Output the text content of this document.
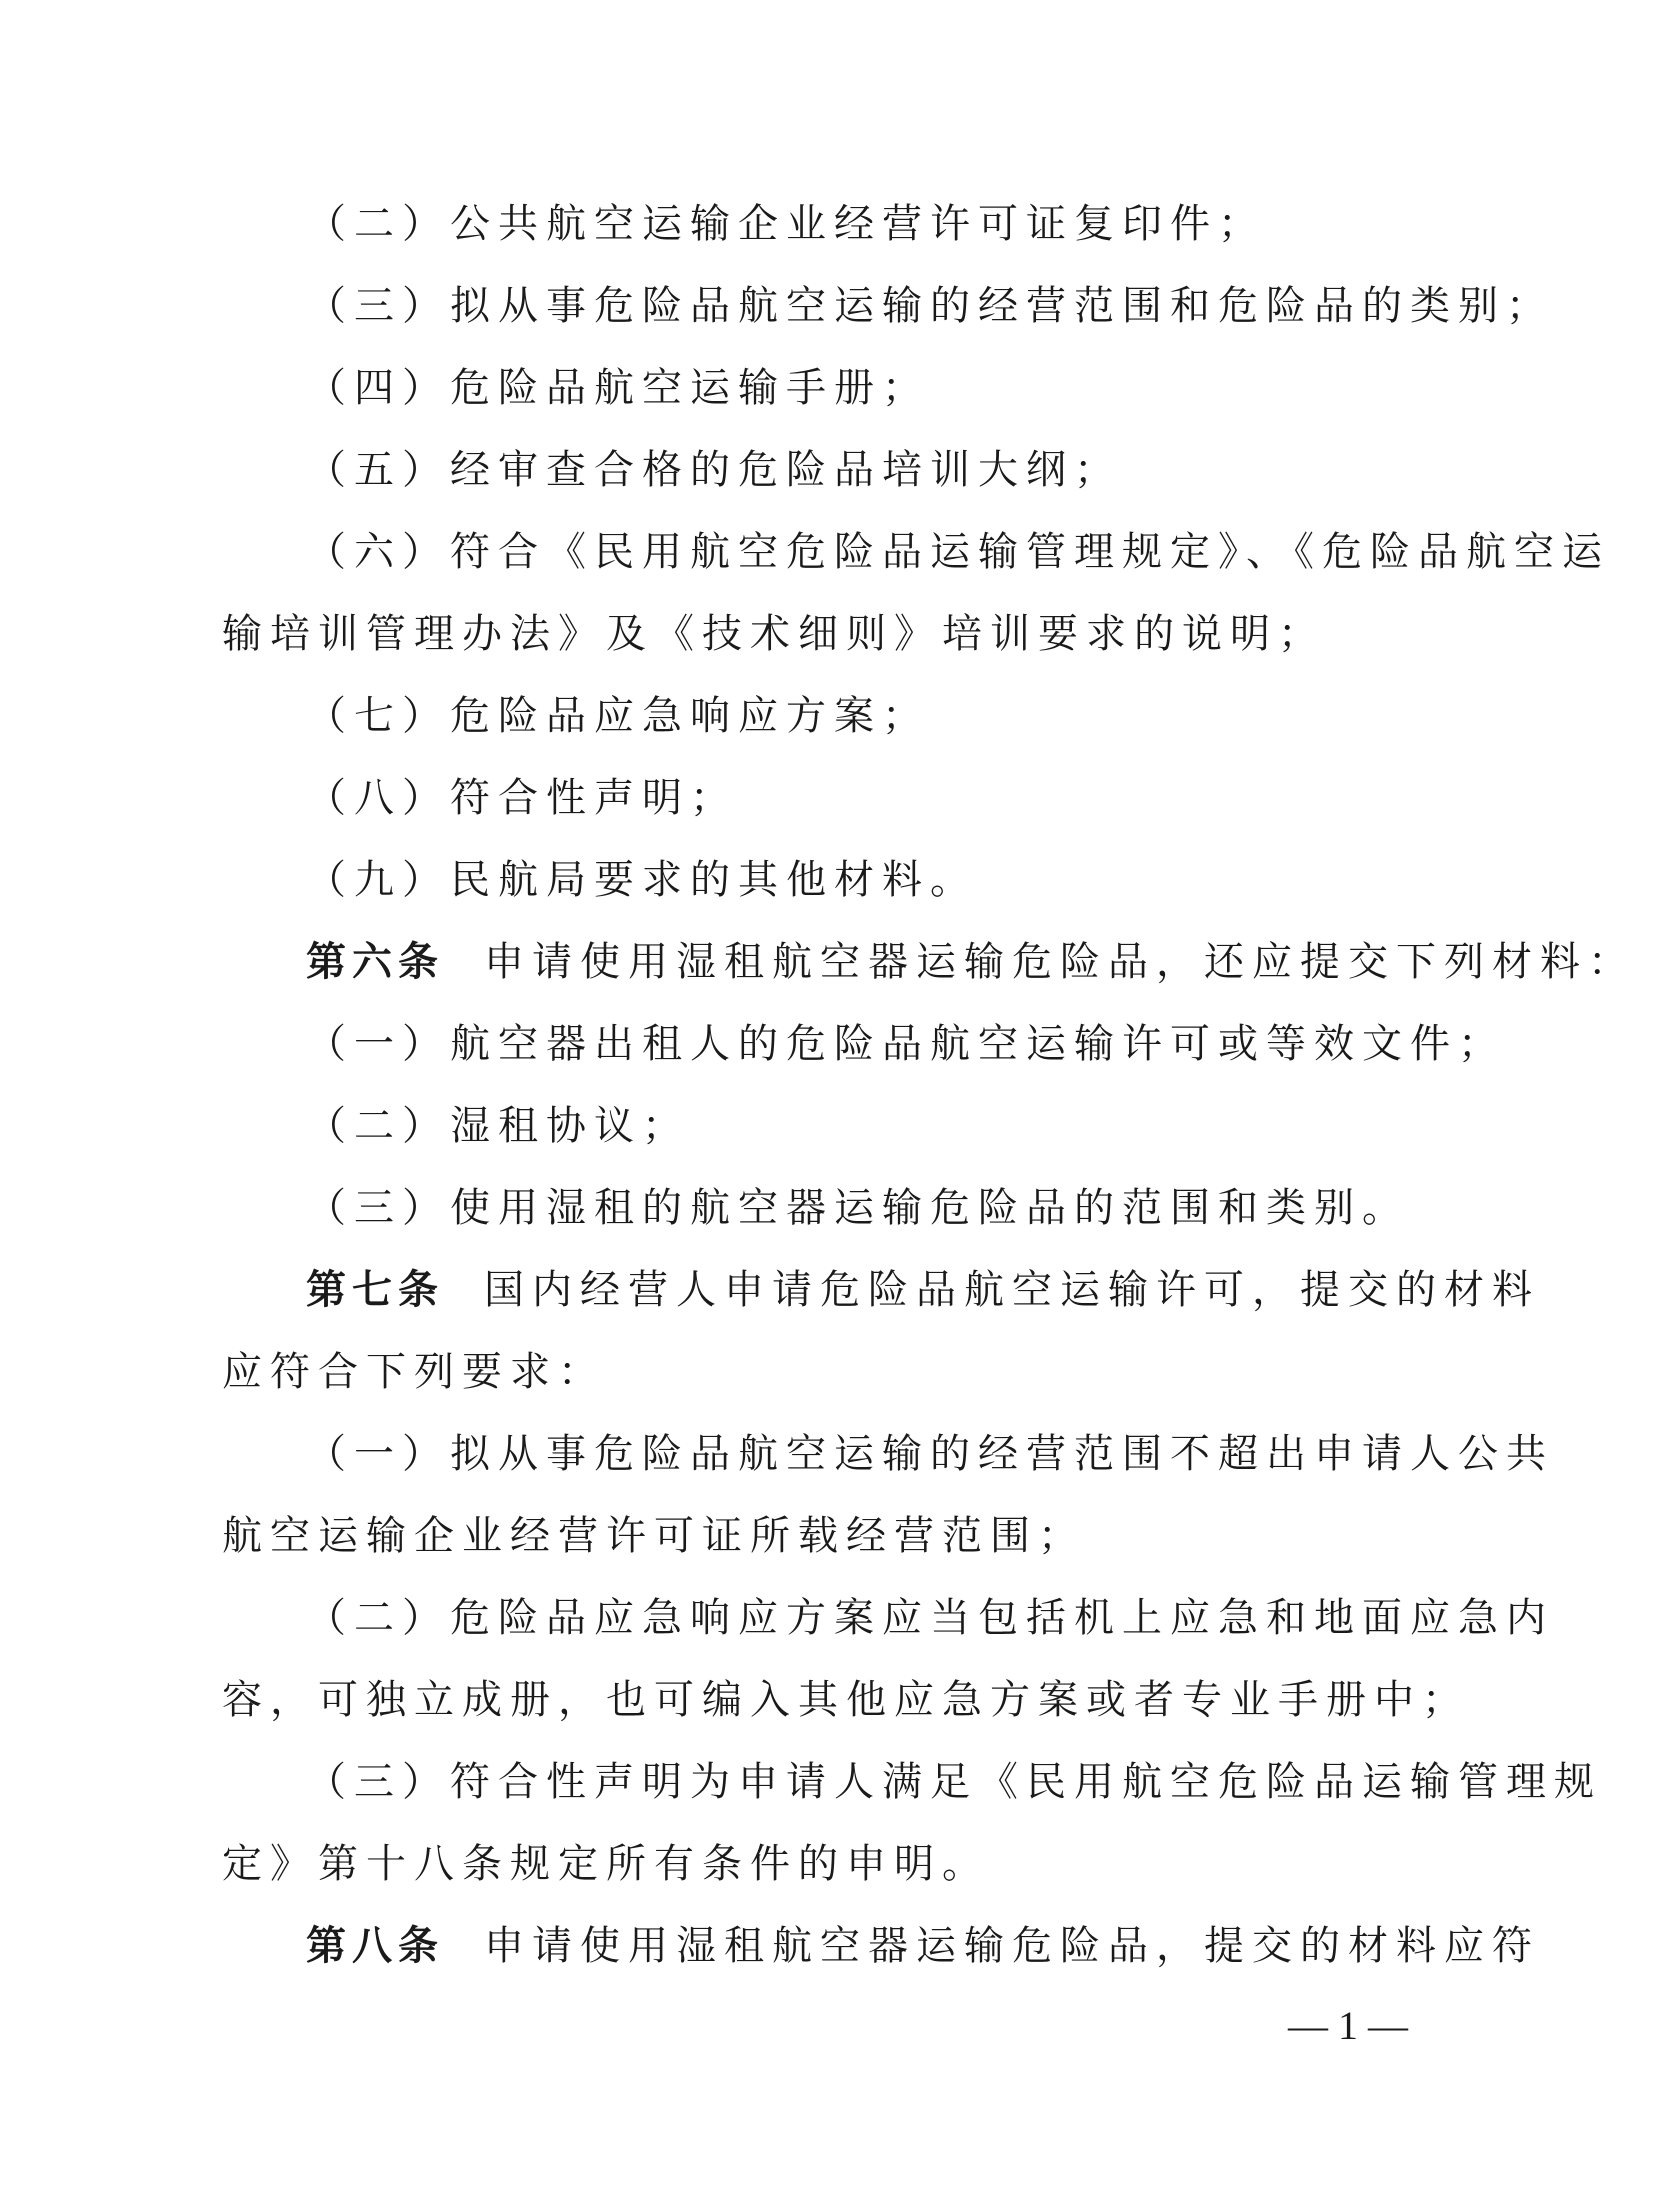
（二）公共航空运输企业经营许可证复印件；
（三）拟从事危险品航空运输的经营范围和危险品的类别；
（四）危险品航空运输手册；
（五）经审查合格的危险品培训大纲；
（六）符合《民用航空危险品运输管理规定》、《危险品航空运
输培训管理办法》及《技术细则》培训要求的说明；
（七）危险品应急响应方案；
（八）符合性声明；
（九）民航局要求的其他材料。
第六条 申请使用湿租航空器运输危险品，还应提交下列材料：
（一）航空器出租人的危险品航空运输许可或等效文件；
（二）湿租协议；
（三）使用湿租的航空器运输危险品的范围和类别。
第七条 国内经营人申请危险品航空运输许可，提交的材料
应符合下列要求：
（一）拟从事危险品航空运输的经营范围不超出申请人公共
航空运输企业经营许可证所载经营范围；
（二）危险品应急响应方案应当包括机上应急和地面应急内
容，可独立成册，也可编入其他应急方案或者专业手册中；
（三）符合性声明为申请人满足《民用航空危险品运输管理规
定》第十八条规定所有条件的申明。
第八条 申请使用湿租航空器运输危险品，提交的材料应符
— 1 —
